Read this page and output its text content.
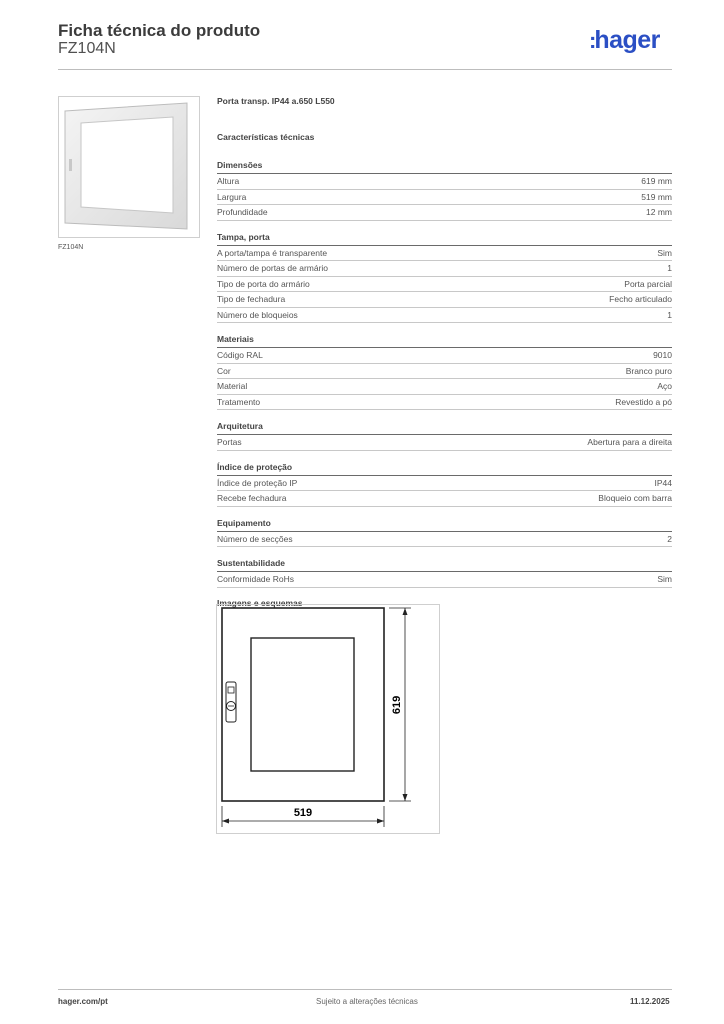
Ficha técnica do produto
FZ104N	:hager
FZ104N
Porta transp. IP44 a.650 L550
Características técnicas
Dimensões
Altura	619 mm
Largura	519 mm
Profundidade	12 mm
Tampa, porta
A porta/tampa é transparente	Sim
Número de portas de armário	1
Tipo de porta do armário	Porta parcial
Tipo de fechadura	Fecho articulado
Número de bloqueios	1
Materiais
Código RAL	9010
Cor	Branco puro
Material	Aço
Tratamento	Revestido a pó
Arquitetura
Portas	Abertura para a direita
Índice de proteção
Índice de proteção IP	IP44
Recebe fechadura	Bloqueio com barra
Equipamento
Número de secções	2
Sustentabilidade
Conformidade RoHs	Sim
Imagens e esquemas
519
619
hager.com/pt	Sujeito a alterações técnicas	11.12.2025
